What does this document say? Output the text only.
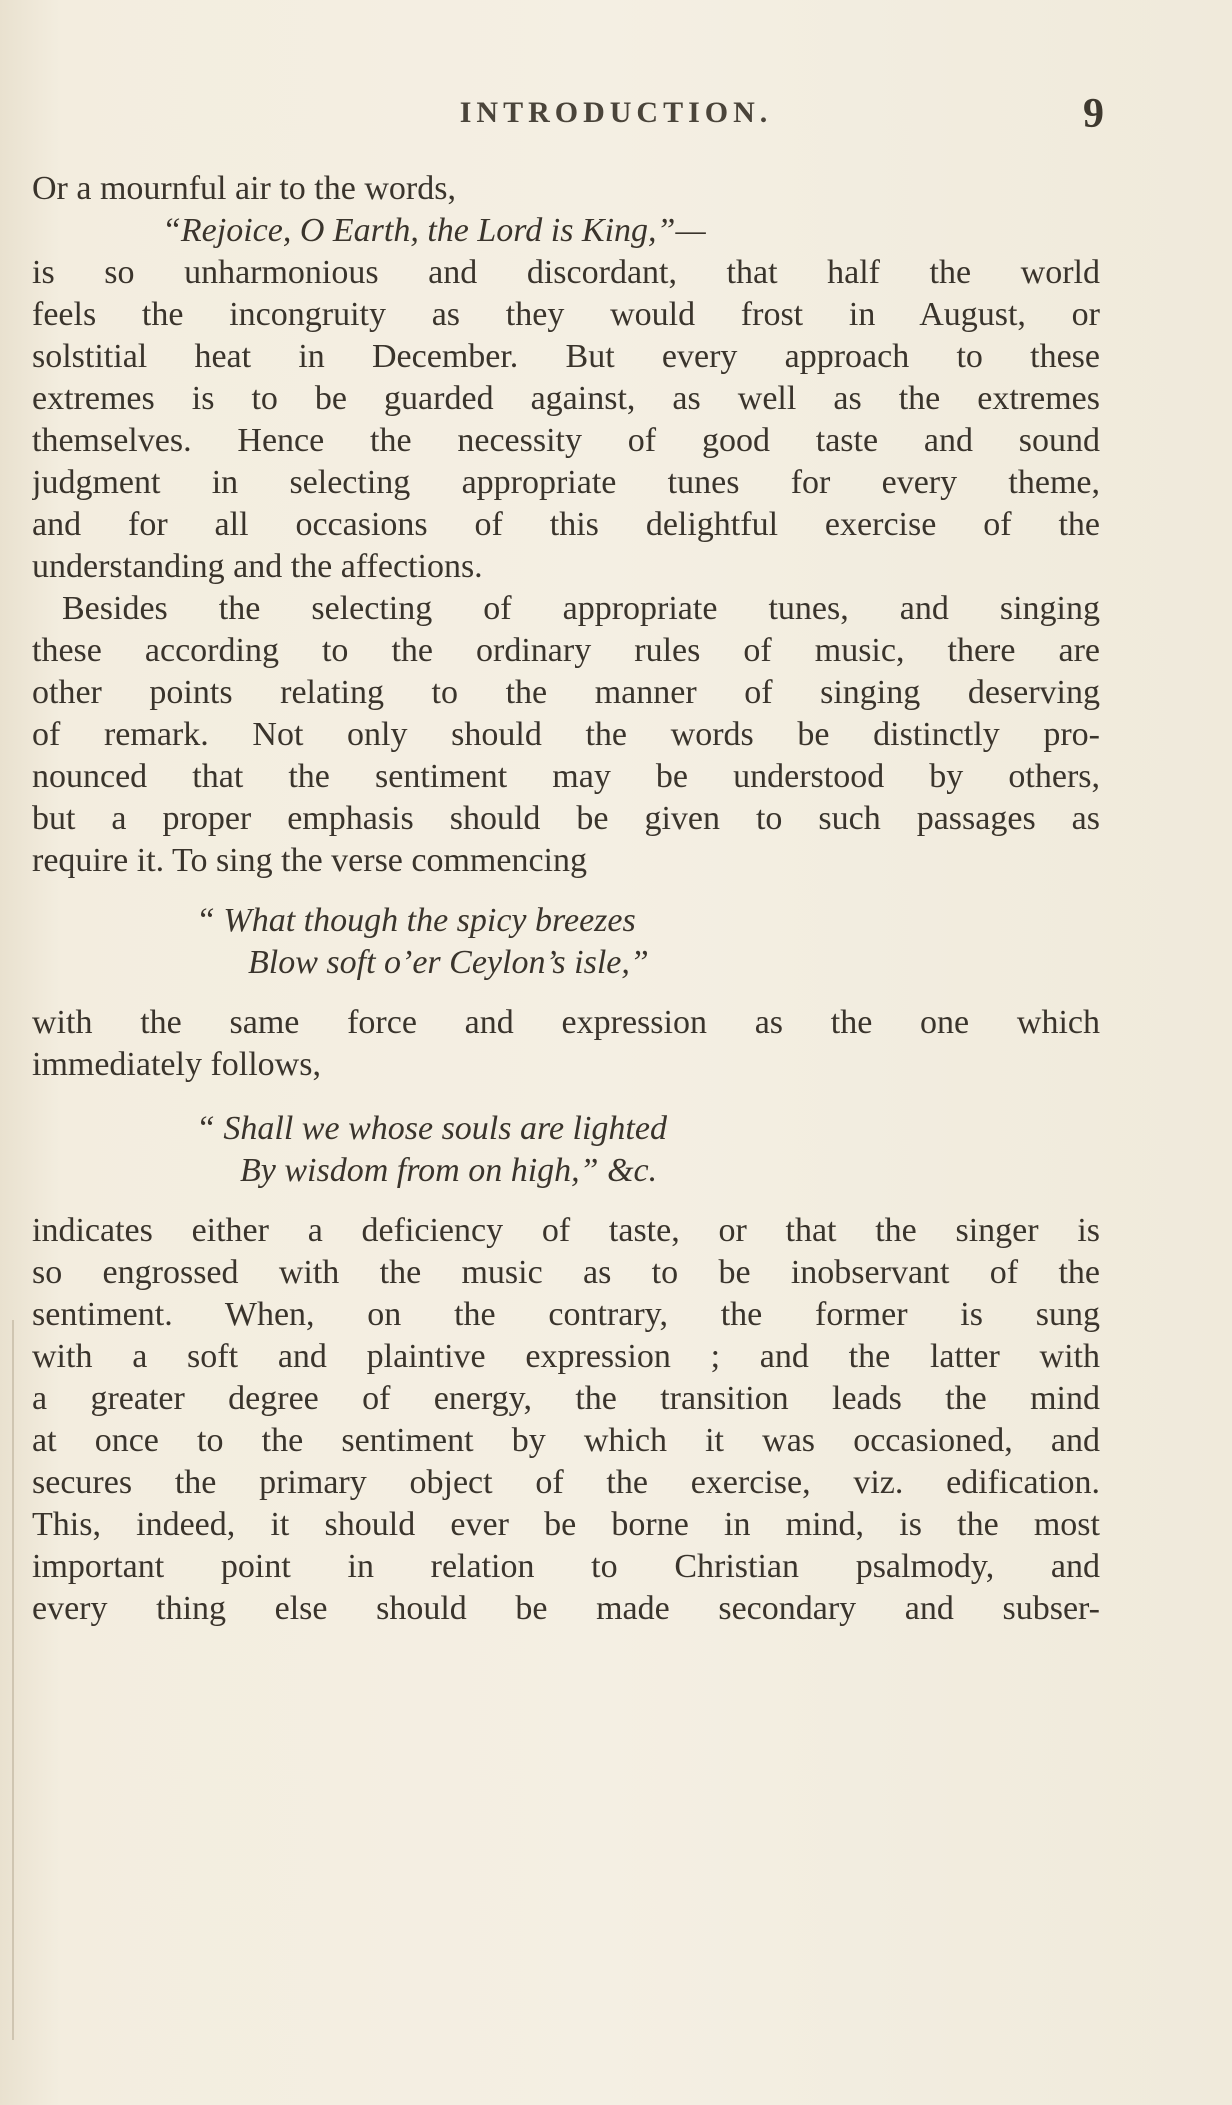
INTRODUCTION.	9
Or a mournful air to the words,
“Rejoice, O Earth, the Lord is King,”—
is so unharmonious and discordant, that half the world
feels the incongruity as they would frost in August, or
solstitial heat in December. But every approach to these
extremes is to be guarded against, as well as the extremes
themselves. Hence the necessity of good taste and sound
judgment in selecting appropriate tunes for every theme,
and for all occasions of this delightful exercise of the
understanding and the affections.
Besides the selecting of appropriate tunes, and singing
these according to the ordinary rules of music, there are
other points relating to the manner of singing deserving
of remark. Not only should the words be distinctly pro-
nounced that the sentiment may be understood by others,
but a proper emphasis should be given to such passages as
require it. To sing the verse commencing
“ What though the spicy breezes
Blow soft o’er Ceylon’s isle,”
with the same force and expression as the one which
immediately follows,
“ Shall we whose souls are lighted
By wisdom from on high,” &c.
indicates either a deficiency of taste, or that the singer is
so engrossed with the music as to be inobservant of the
sentiment. When, on the contrary, the former is sung
with a soft and plaintive expression ; and the latter with
a greater degree of energy, the transition leads the mind
at once to the sentiment by which it was occasioned, and
secures the primary object of the exercise, viz. edification.
This, indeed, it should ever be borne in mind, is the most
important point in relation to Christian psalmody, and
every thing else should be made secondary and subser-
